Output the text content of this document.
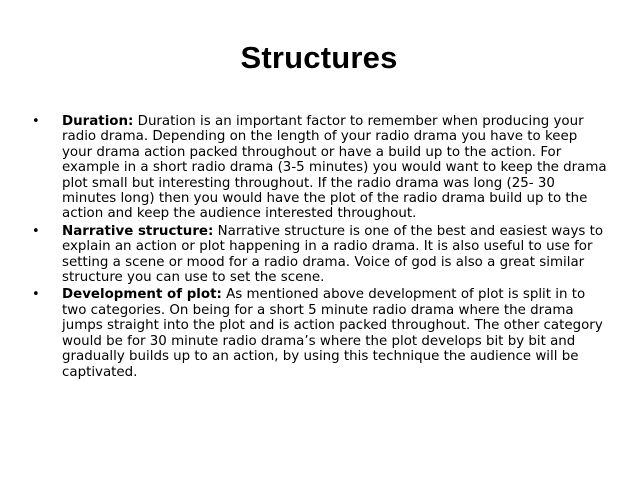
Structures
• Duration: Duration is an important factor to remember when producing your radio drama. Depending on the length of your radio drama you have to keep your drama action packed throughout or have a build up to the action. For example in a short radio drama (3-5 minutes) you would want to keep the drama plot small but interesting throughout. If the radio drama was long (25- 30 minutes long) then you would have the plot of the radio drama build up to the action and keep the audience interested throughout.
• Narrative structure: Narrative structure is one of the best and easiest ways to explain an action or plot happening in a radio drama. It is also useful to use for setting a scene or mood for a radio drama. Voice of god is also a great similar structure you can use to set the scene.
• Development of plot: As mentioned above development of plot is split in to two categories. On being for a short 5 minute radio drama where the drama jumps straight into the plot and is action packed throughout. The other category would be for 30 minute radio drama’s where the plot develops bit by bit and gradually builds up to an action, by using this technique the audience will be captivated.
